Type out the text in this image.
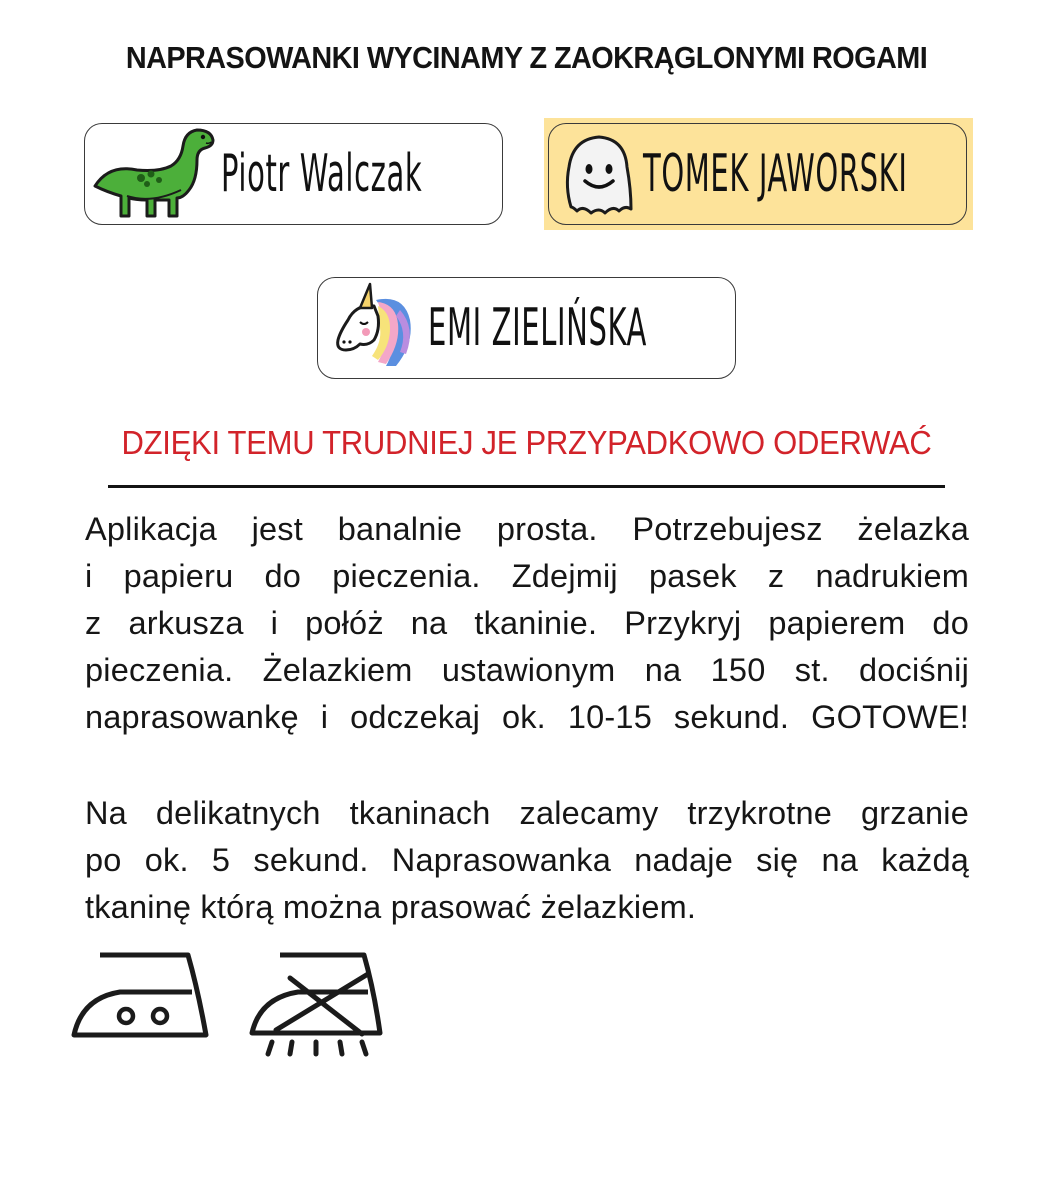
NAPRASOWANKI WYCINAMY Z ZAOKRĄGLONYMI ROGAMI
Piotr Walczak	TOMEK JAWORSKI
EMI ZIELIŃSKA
DZIĘKI TEMU TRUDNIEJ JE PRZYPADKOWO ODERWAĆ
Aplikacja jest banalnie prosta. Potrzebujesz żelazka
i papieru do pieczenia. Zdejmij pasek z nadrukiem
z arkusza i połóż na tkaninie. Przykryj papierem do
pieczenia. Żelazkiem ustawionym na 150 st. dociśnij
naprasowankę i odczekaj ok. 10-15 sekund. GOTOWE!
Na delikatnych tkaninach zalecamy trzykrotne grzanie
po ok. 5 sekund. Naprasowanka nadaje się na każdą
tkaninę którą można prasować żelazkiem.
